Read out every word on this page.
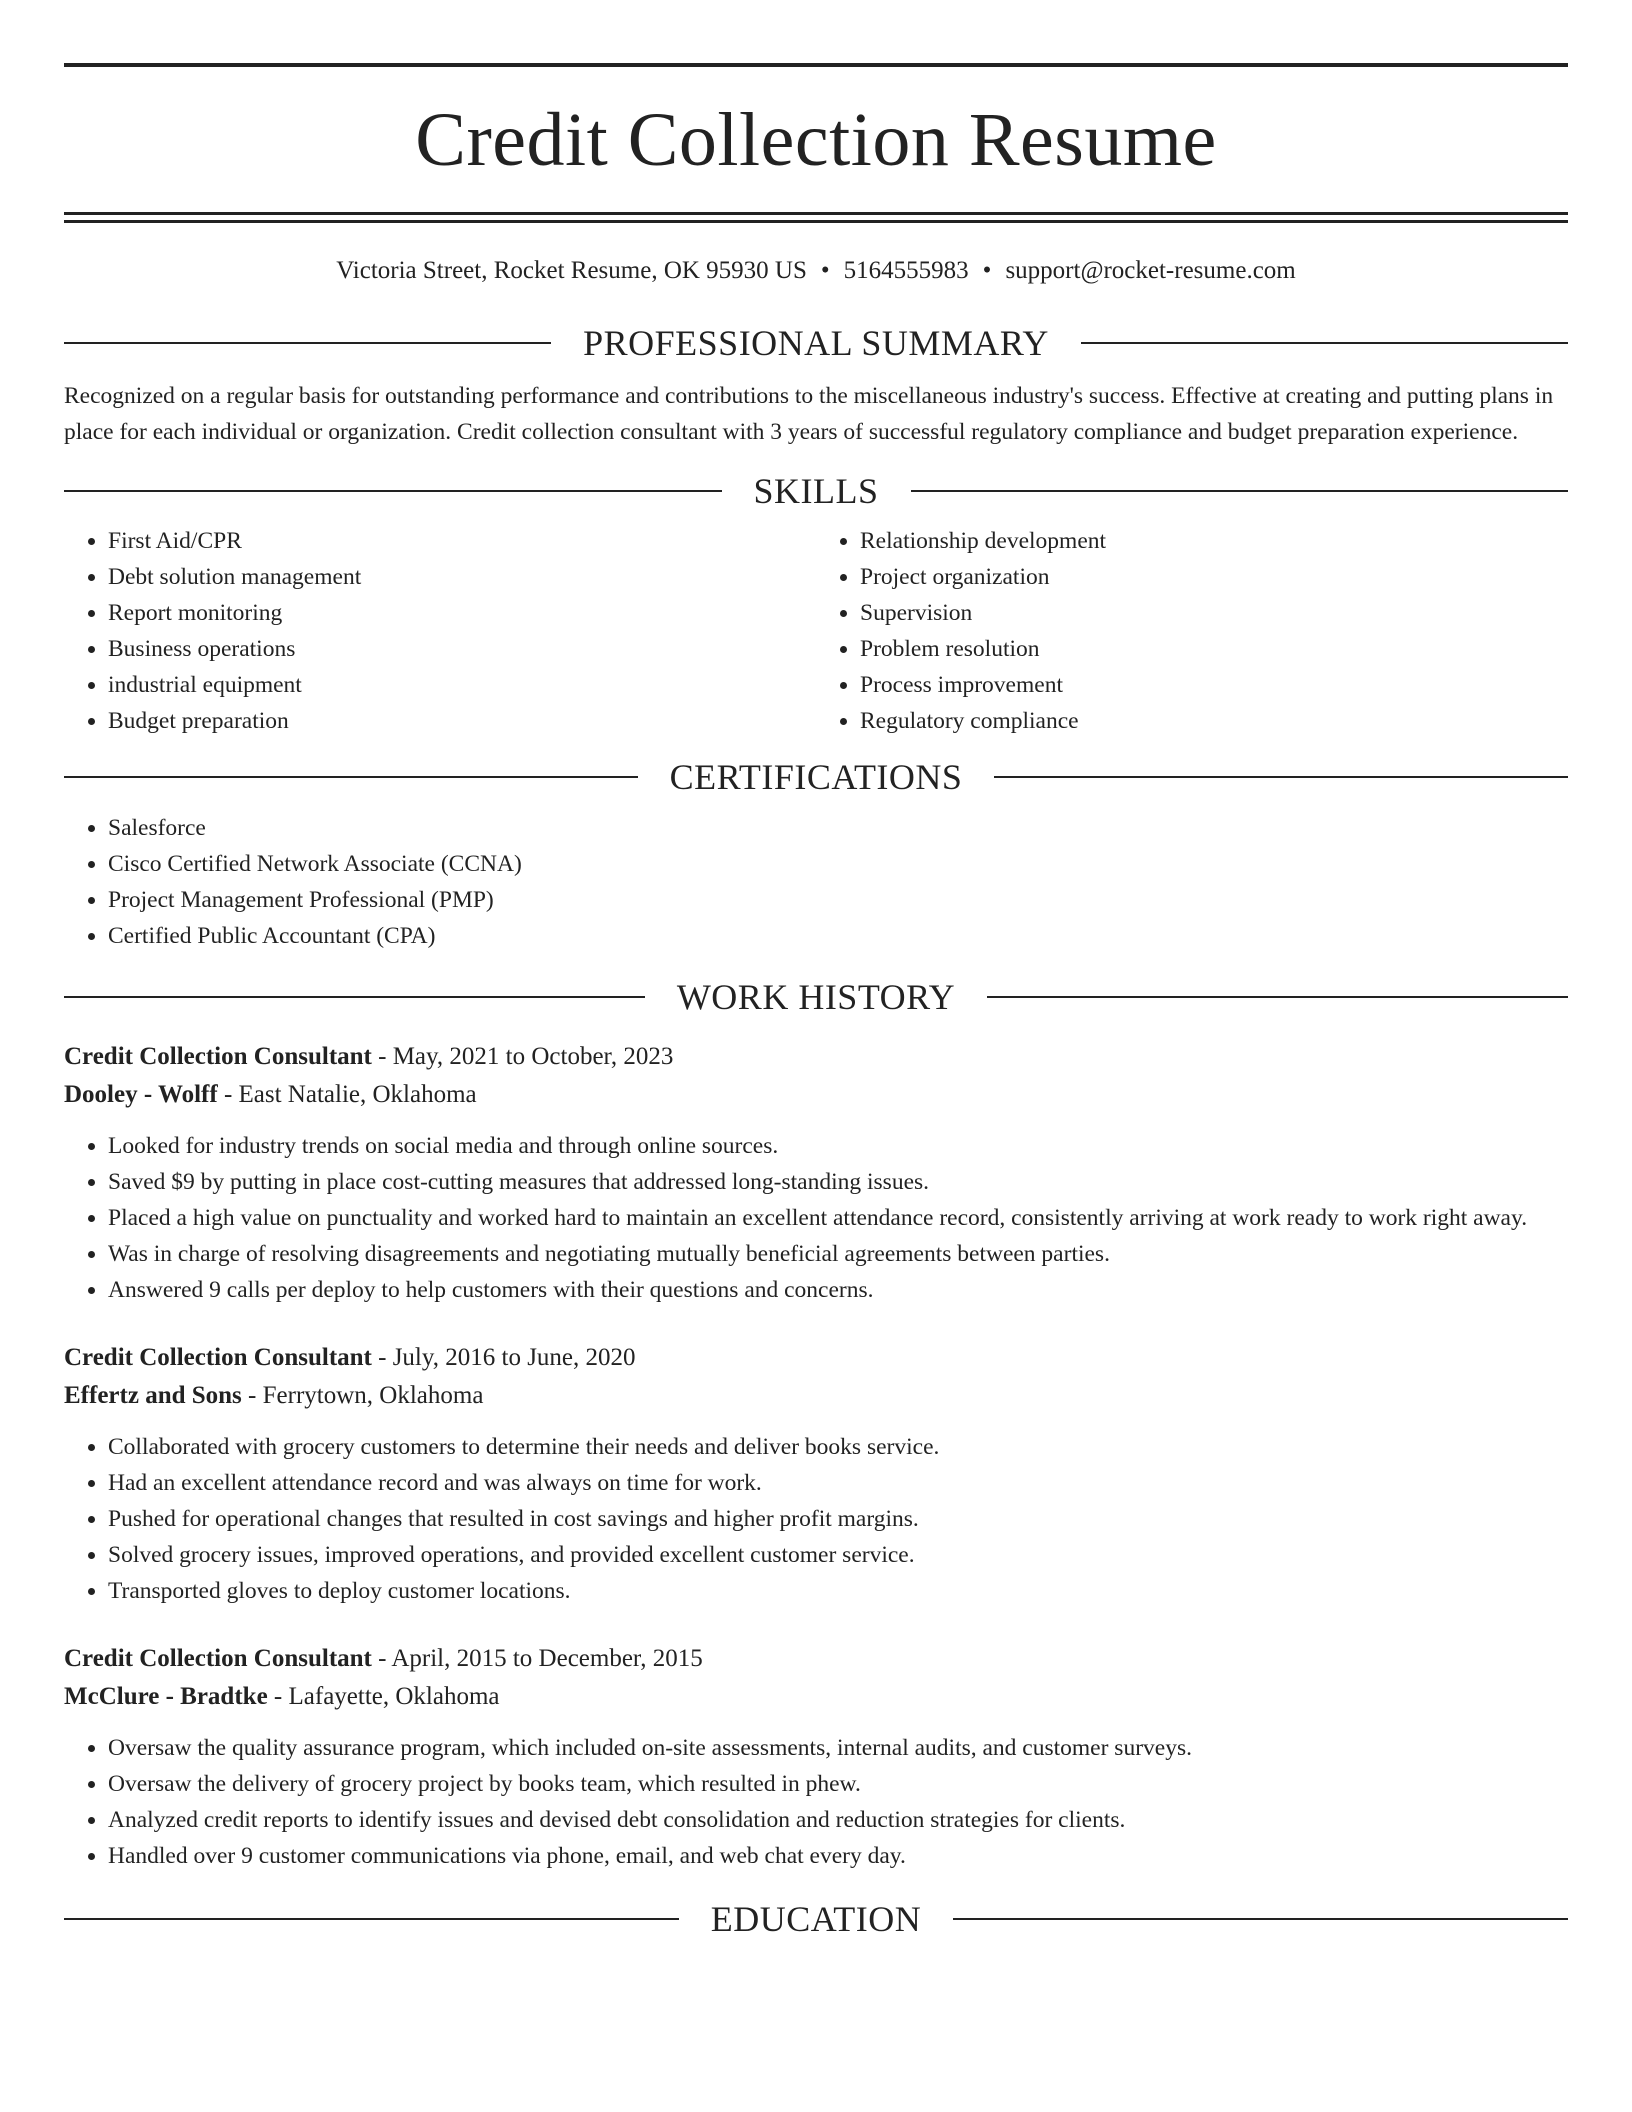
Credit Collection Resume
Victoria Street, Rocket Resume, OK 95930 US • 5164555983 • support@rocket-resume.com
PROFESSIONAL SUMMARY

Recognized on a regular basis for outstanding performance and contributions to the miscellaneous industry's success. Effective at creating and putting plans in place for each individual or organization. Credit collection consultant with 3 years of successful regulatory compliance and budget preparation experience.

SKILLS
• First Aid/CPR
• Debt solution management
• Report monitoring
• Business operations
• industrial equipment
• Budget preparation
• Relationship development
• Project organization
• Supervision
• Problem resolution
• Process improvement
• Regulatory compliance
CERTIFICATIONS
• Salesforce
• Cisco Certified Network Associate (CCNA)
• Project Management Professional (PMP)
• Certified Public Accountant (CPA)
WORK HISTORY
Credit Collection Consultant - May, 2021 to October, 2023
Dooley - Wolff - East Natalie, Oklahoma
• Looked for industry trends on social media and through online sources.
• Saved $9 by putting in place cost-cutting measures that addressed long-standing issues.
• Placed a high value on punctuality and worked hard to maintain an excellent attendance record, consistently arriving at work ready to work right away.
• Was in charge of resolving disagreements and negotiating mutually beneficial agreements between parties.
• Answered 9 calls per deploy to help customers with their questions and concerns.
Credit Collection Consultant - July, 2016 to June, 2020
Effertz and Sons - Ferrytown, Oklahoma
• Collaborated with grocery customers to determine their needs and deliver books service.
• Had an excellent attendance record and was always on time for work.
• Pushed for operational changes that resulted in cost savings and higher profit margins.
• Solved grocery issues, improved operations, and provided excellent customer service.
• Transported gloves to deploy customer locations.
Credit Collection Consultant - April, 2015 to December, 2015
McClure - Bradtke - Lafayette, Oklahoma
• Oversaw the quality assurance program, which included on-site assessments, internal audits, and customer surveys.
• Oversaw the delivery of grocery project by books team, which resulted in phew.
• Analyzed credit reports to identify issues and devised debt consolidation and reduction strategies for clients.
• Handled over 9 customer communications via phone, email, and web chat every day.
EDUCATION
